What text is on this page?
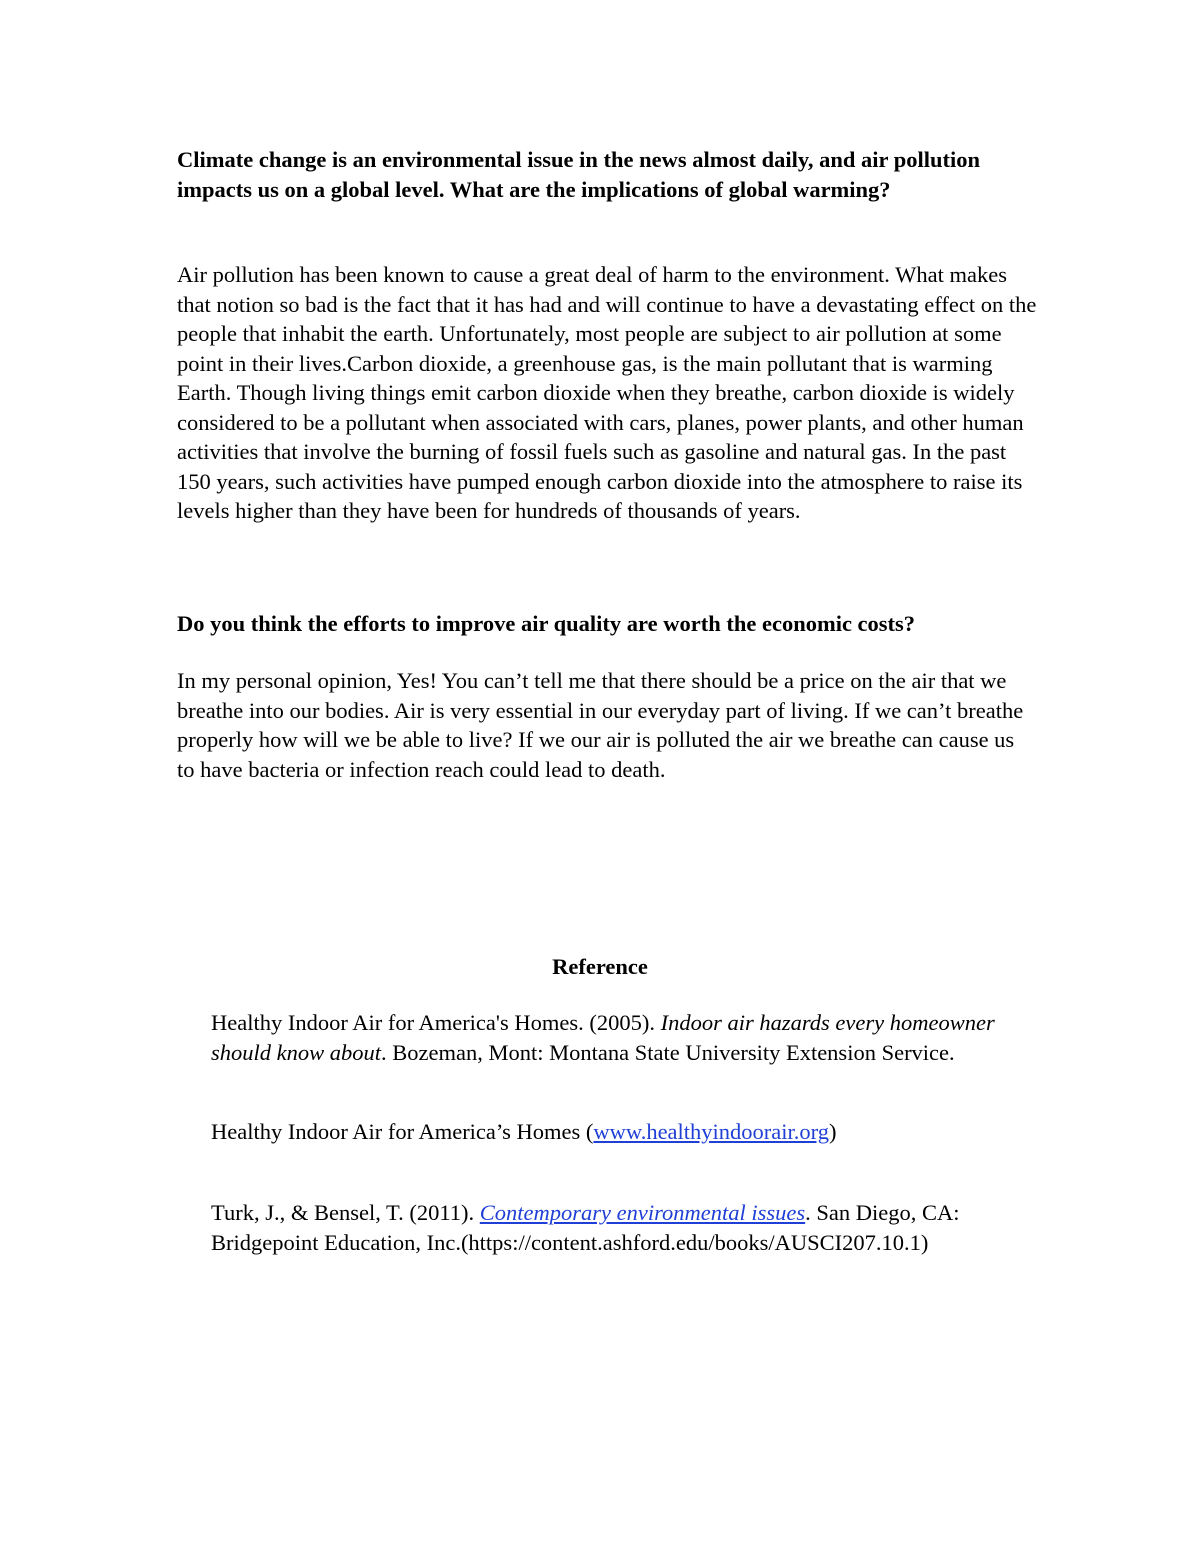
Climate change is an environmental issue in the news almost daily, and air pollution impacts us on a global level. What are the implications of global warming?

Air pollution has been known to cause a great deal of harm to the environment. What makes that notion so bad is the fact that it has had and will continue to have a devastating effect on the people that inhabit the earth. Unfortunately, most people are subject to air pollution at some point in their lives.Carbon dioxide, a greenhouse gas, is the main pollutant that is warming Earth. Though living things emit carbon dioxide when they breathe, carbon dioxide is widely considered to be a pollutant when associated with cars, planes, power plants, and other human activities that involve the burning of fossil fuels such as gasoline and natural gas. In the past 150 years, such activities have pumped enough carbon dioxide into the atmosphere to raise its levels higher than they have been for hundreds of thousands of years.

Do you think the efforts to improve air quality are worth the economic costs?

In my personal opinion, Yes! You can’t tell me that there should be a price on the air that we breathe into our bodies. Air is very essential in our everyday part of living. If we can’t breathe properly how will we be able to live? If we our air is polluted the air we breathe can cause us to have bacteria or infection reach could lead to death.

Reference

Healthy Indoor Air for America's Homes. (2005). Indoor air hazards every homeowner should know about. Bozeman, Mont: Montana State University Extension Service.

Healthy Indoor Air for America’s Homes (www.healthyindoorair.org)

Turk, J., & Bensel, T. (2011). Contemporary environmental issues. San Diego, CA: Bridgepoint Education, Inc.(https://content.ashford.edu/books/AUSCI207.10.1)
